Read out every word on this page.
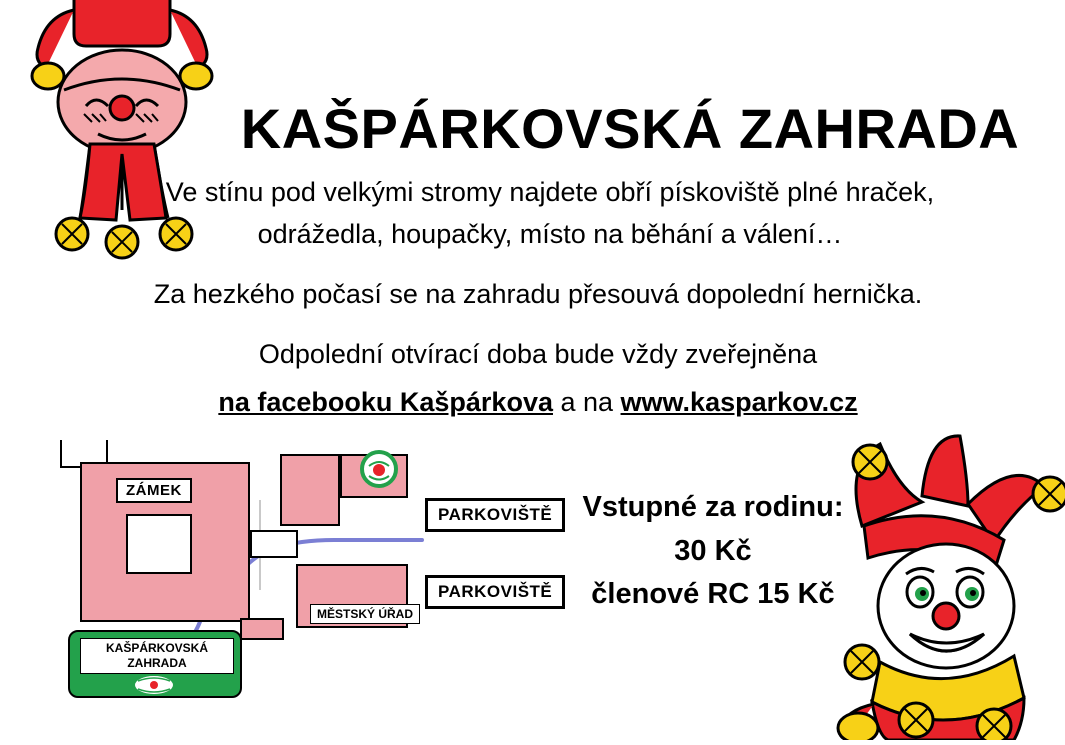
KAŠPÁRKOVSKÁ ZAHRADA
Ve stínu pod velkými stromy najdete obří pískoviště plné hraček, odrážedla, houpačky, místo na běhání a válení…
Za hezkého počasí se na zahradu přesouvá dopolední hernička.
Odpolední otvírací doba bude vždy zveřejněna
na facebooku Kašpárkova a na www.kasparkov.cz
Vstupné za rodinu:
30 Kč
členové RC 15 Kč
ZÁMEK
MĚSTSKÝ ÚŘAD
PARKOVIŠTĚ
PARKOVIŠTĚ
KAŠPÁRKOVSKÁ
ZAHRADA
